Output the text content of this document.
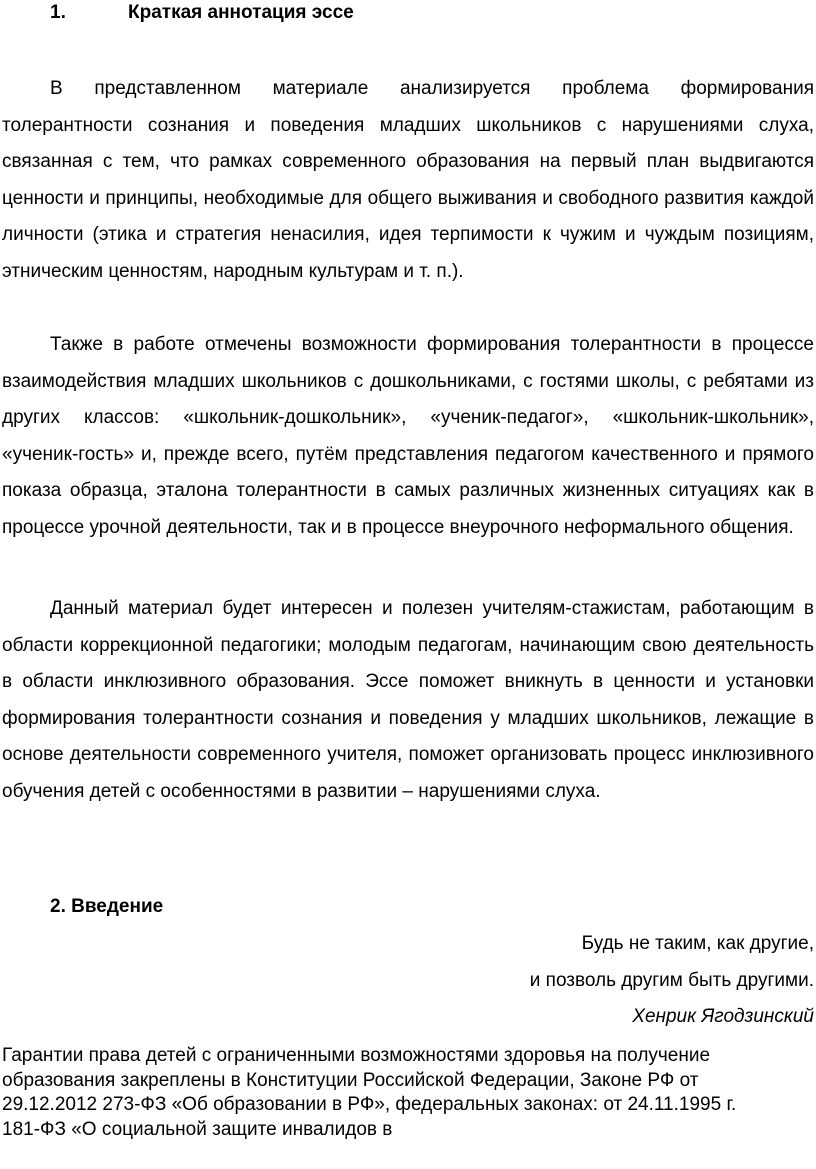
1.	Краткая аннотация эссе

В представленном материале анализируется проблема формирования толерантности сознания и поведения младших школьников с нарушениями слуха, связанная с тем, что рамках современного образования на первый план выдвигаются ценности и принципы, необходимые для общего выживания и свободного развития каждой личности (этика и стратегия ненасилия, идея терпимости к чужим и чуждым позициям, этническим ценностям, народным культурам и т. п.).

Также в работе отмечены возможности формирования толерантности в процессе взаимодействия младших школьников с дошкольниками, с гостями школы, с ребятами из других классов: «школьник-дошкольник», «ученик-педагог», «школьник-школьник», «ученик-гость» и, прежде всего, путём представления педагогом качественного и прямого показа образца, эталона толерантности в самых различных жизненных ситуациях как в процессе урочной деятельности, так и в процессе внеурочного неформального общения.

Данный материал будет интересен и полезен учителям-стажистам, работающим в области коррекционной педагогики; молодым педагогам, начинающим свою деятельность в области инклюзивного образования. Эссе поможет вникнуть в ценности и установки формирования толерантности сознания и поведения у младших школьников, лежащие в основе деятельности современного учителя, поможет организовать процесс инклюзивного обучения детей с особенностями в развитии – нарушениями слуха.

2. Введение
Будь не таким, как другие,
и позволь другим быть другими.
Хенрик Ягодзинский

Гарантии права детей с ограниченными возможностями здоровья на получение образования закреплены в Конституции Российской Федерации, Законе РФ от 29.12.2012 273-ФЗ «Об образовании в РФ», федеральных законах: от 24.11.1995 г. 181-ФЗ «О социальной защите инвалидов в
